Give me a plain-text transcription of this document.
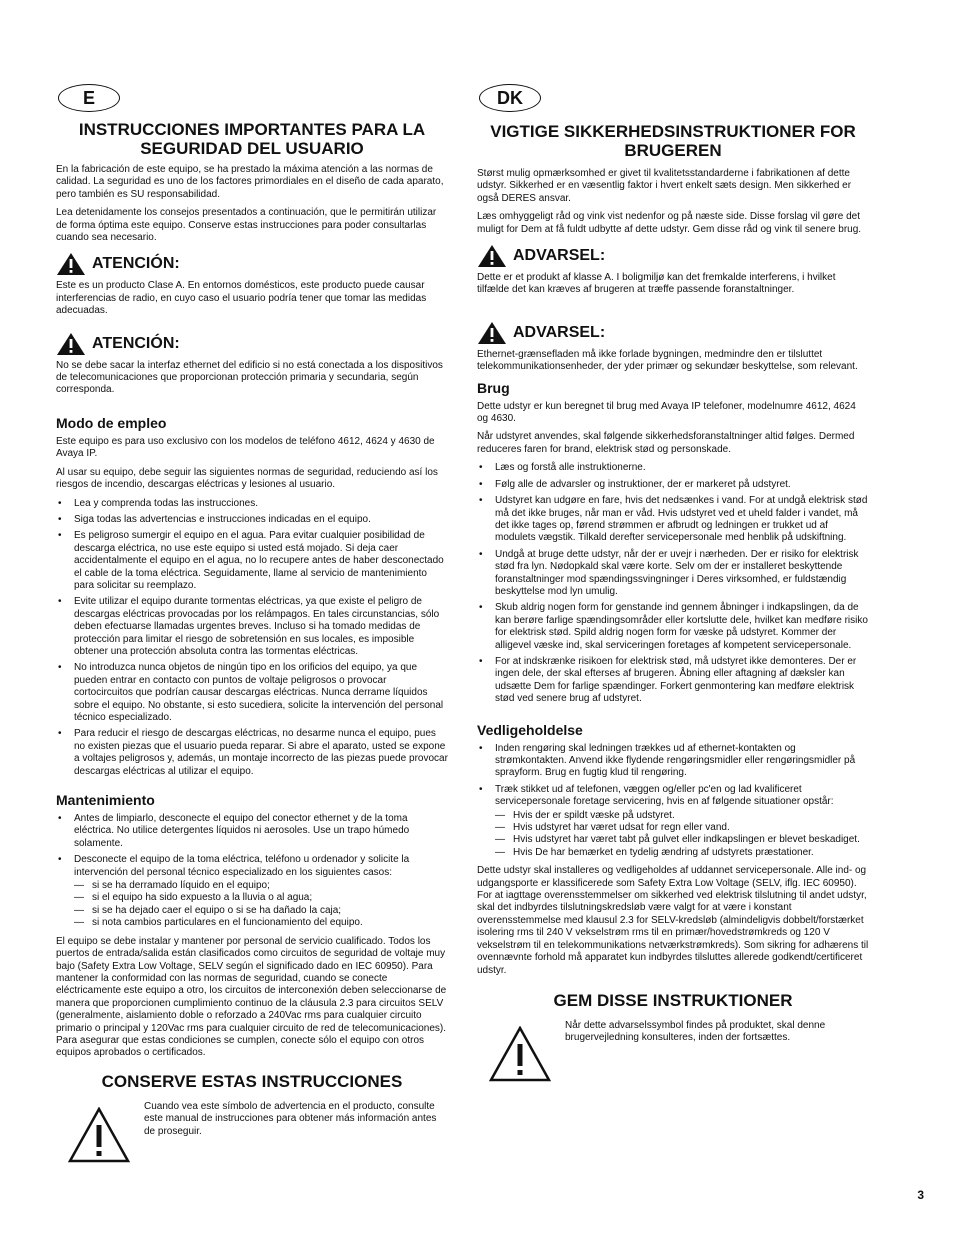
E
INSTRUCCIONES IMPORTANTES PARA LA SEGURIDAD DEL USUARIO

En la fabricación de este equipo, se ha prestado la máxima atención a las normas de calidad. La seguridad es uno de los factores primordiales en el diseño de cada aparato, pero también es SU responsabilidad.

Lea detenidamente los consejos presentados a continuación, que le permitirán utilizar de forma óptima este equipo. Conserve estas instrucciones para poder consultarlas cuando sea necesario.

ATENCIÓN:

Este es un producto Clase A. En entornos domésticos, este producto puede causar interferencias de radio, en cuyo caso el usuario podría tener que tomar las medidas adecuadas.

ATENCIÓN:

No se debe sacar la interfaz ethernet del edificio si no está conectada a los dispositivos de telecomunicaciones que proporcionan protección primaria y secundaria, según corresponda.

Modo de empleo

Este equipo es para uso exclusivo con los modelos de teléfono 4612, 4624 y 4630 de Avaya IP.

Al usar su equipo, debe seguir las siguientes normas de seguridad, reduciendo así los riesgos de incendio, descargas eléctricas y lesiones al usuario.

• Lea y comprenda todas las instrucciones.
• Siga todas las advertencias e instrucciones indicadas en el equipo.
• Es peligroso sumergir el equipo en el agua. Para evitar cualquier posibilidad de descarga eléctrica, no use este equipo si usted está mojado. Si deja caer accidentalmente el equipo en el agua, no lo recupere antes de haber desconectado el cable de la toma eléctrica. Seguidamente, llame al servicio de mantenimiento para solicitar su reemplazo.
• Evite utilizar el equipo durante tormentas eléctricas, ya que existe el peligro de descargas eléctricas provocadas por los relámpagos. En tales circunstancias, sólo deben efectuarse llamadas urgentes breves. Incluso si ha tomado medidas de protección para limitar el riesgo de sobretensión en sus locales, es imposible obtener una protección absoluta contra las tormentas eléctricas.
• No introduzca nunca objetos de ningún tipo en los orificios del equipo, ya que pueden entrar en contacto con puntos de voltaje peligrosos o provocar cortocircuitos que podrían causar descargas eléctricas. Nunca derrame líquidos sobre el equipo. No obstante, si esto sucediera, solicite la intervención del personal técnico especializado.
• Para reducir el riesgo de descargas eléctricas, no desarme nunca el equipo, pues no existen piezas que el usuario pueda reparar. Si abre el aparato, usted se expone a voltajes peligrosos y, además, un montaje incorrecto de las piezas puede provocar descargas eléctricas al utilizar el equipo.
Mantenimiento
• Antes de limpiarlo, desconecte el equipo del conector ethernet y de la toma eléctrica. No utilice detergentes líquidos ni aerosoles. Use un trapo húmedo solamente.
• Desconecte el equipo de la toma eléctrica, teléfono u ordenador y solicite la intervención del personal técnico especializado en los siguientes casos:
— si se ha derramado líquido en el equipo;
— si el equipo ha sido expuesto a la lluvia o al agua;
— si se ha dejado caer el equipo o si se ha dañado la caja;
— si nota cambios particulares en el funcionamiento del equipo.

El equipo se debe instalar y mantener por personal de servicio cualificado. Todos los puertos de entrada/salida están clasificados como circuitos de seguridad de voltaje muy bajo (Safety Extra Low Voltage, SELV según el significado dado en IEC 60950). Para mantener la conformidad con las normas de seguridad, cuando se conecte eléctricamente este equipo a otro, los circuitos de interconexión deben seleccionarse de manera que proporcionen cumplimiento continuo de la cláusula 2.3 para circuitos SELV (generalmente, aislamiento doble o reforzado a 240Vac rms para cualquier circuito primario o principal y 120Vac rms para cualquier circuito de red de telecomunicaciones). Para asegurar que estas condiciones se cumplen, conecte sólo el equipo con otros equipos aprobados o certificados.

CONSERVE ESTAS INSTRUCCIONES

Cuando vea este símbolo de advertencia en el producto, consulte este manual de instrucciones para obtener más información antes de proseguir.

DK
VIGTIGE SIKKERHEDSINSTRUKTIONER FOR BRUGEREN

Størst mulig opmærksomhed er givet til kvalitetsstandarderne i fabrikationen af dette udstyr. Sikkerhed er en væsentlig faktor i hvert enkelt sæts design. Men sikkerhed er også DERES ansvar.

Læs omhyggeligt råd og vink vist nedenfor og på næste side. Disse forslag vil gøre det muligt for Dem at få fuldt udbytte af dette udstyr. Gem disse råd og vink til senere brug.

ADVARSEL:

Dette er et produkt af klasse A. I boligmiljø kan det fremkalde interferens, i hvilket tilfælde det kan kræves af brugeren at træffe passende foranstaltninger.

ADVARSEL:

Ethernet-grænsefladen må ikke forlade bygningen, medmindre den er tilsluttet telekommunikationsenheder, der yder primær og sekundær beskyttelse, som relevant.

Brug

Dette udstyr er kun beregnet til brug med Avaya IP telefoner, modelnumre 4612, 4624 og 4630.

Når udstyret anvendes, skal følgende sikkerhedsforanstaltninger altid følges. Dermed reduceres faren for brand, elektrisk stød og personskade.

• Læs og forstå alle instruktionerne.
• Følg alle de advarsler og instruktioner, der er markeret på udstyret.
• Udstyret kan udgøre en fare, hvis det nedsænkes i vand. For at undgå elektrisk stød må det ikke bruges, når man er våd. Hvis udstyret ved et uheld falder i vandet, må det ikke tages op, førend strømmen er afbrudt og ledningen er trukket ud af modulets vægstik. Tilkald derefter servicepersonale med henblik på udskiftning.
• Undgå at bruge dette udstyr, når der er uvejr i nærheden. Der er risiko for elektrisk stød fra lyn. Nødopkald skal være korte. Selv om der er installeret beskyttende foranstaltninger mod spændingssvingninger i Deres virksomhed, er fuldstændig beskyttelse mod lyn umulig.
• Skub aldrig nogen form for genstande ind gennem åbninger i indkapslingen, da de kan berøre farlige spændingsområder eller kortslutte dele, hvilket kan medføre risiko for elektrisk stød. Spild aldrig nogen form for væske på udstyret. Kommer der alligevel væske ind, skal serviceringen foretages af kompetent servicepersonale.
• For at indskrænke risikoen for elektrisk stød, må udstyret ikke demonteres. Der er ingen dele, der skal efterses af brugeren. Åbning eller aftagning af dæksler kan udsætte Dem for farlige spændinger. Forkert genmontering kan medføre elektrisk stød ved senere brug af udstyret.
Vedligeholdelse
• Inden rengøring skal ledningen trækkes ud af ethernet-kontakten og strømkontakten. Anvend ikke flydende rengøringsmidler eller rengøringsmidler på sprayform. Brug en fugtig klud til rengøring.
• Træk stikket ud af telefonen, væggen og/eller pc'en og lad kvalificeret servicepersonale foretage servicering, hvis en af følgende situationer opstår:
— Hvis der er spildt væske på udstyret.
— Hvis udstyret har været udsat for regn eller vand.
— Hvis udstyret har været tabt på gulvet eller indkapslingen er blevet beskadiget.
— Hvis De har bemærket en tydelig ændring af udstyrets præstationer.

Dette udstyr skal installeres og vedligeholdes af uddannet servicepersonale. Alle ind- og udgangsporte er klassificerede som Safety Extra Low Voltage (SELV, iflg. IEC 60950). For at iagttage overensstemmelser om sikkerhed ved elektrisk tilslutning til andet udstyr, skal det indbyrdes tilslutningskredsløb være valgt for at være i konstant overensstemmelse med klausul 2.3 for SELV-kredsløb (almindeligvis dobbelt/forstærket isolering rms til 240 V vekselstrøm rms til en primær/hovedstrømkreds og 120 V vekselstrøm til en telekommunikations netværkstrømkreds). Som sikring for adhærens til ovennævnte forhold må apparatet kun indbyrdes tilsluttes allerede godkendt/certificeret udstyr.

GEM DISSE INSTRUKTIONER

Når dette advarselssymbol findes på produktet, skal denne brugervejledning konsulteres, inden der fortsættes.

3
